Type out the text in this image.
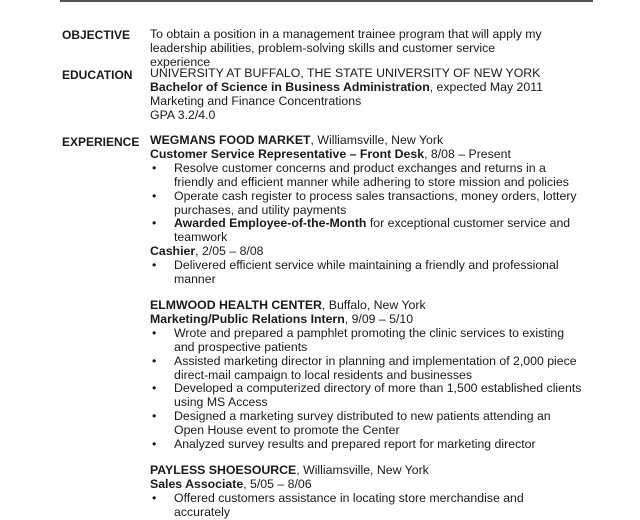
OBJECTIVE To obtain a position in a management trainee program that will apply my leadership abilities, problem-solving skills and customer service experience
EDUCATION UNIVERSITY AT BUFFALO, THE STATE UNIVERSITY OF NEW YORK
Bachelor of Science in Business Administration, expected May 2011
Marketing and Finance Concentrations
GPA 3.2/4.0
EXPERIENCE WEGMANS FOOD MARKET, Williamsville, New York
Customer Service Representative – Front Desk, 8/08 – Present
• Resolve customer concerns and product exchanges and returns in a friendly and efficient manner while adhering to store mission and policies
• Operate cash register to process sales transactions, money orders, lottery purchases, and utility payments
• Awarded Employee-of-the-Month for exceptional customer service and teamwork
Cashier, 2/05 – 8/08
• Delivered efficient service while maintaining a friendly and professional manner
ELMWOOD HEALTH CENTER, Buffalo, New York
Marketing/Public Relations Intern, 9/09 – 5/10
• Wrote and prepared a pamphlet promoting the clinic services to existing and prospective patients
• Assisted marketing director in planning and implementation of 2,000 piece direct-mail campaign to local residents and businesses
• Developed a computerized directory of more than 1,500 established clients using MS Access
• Designed a marketing survey distributed to new patients attending an Open House event to promote the Center
• Analyzed survey results and prepared report for marketing director
PAYLESS SHOESOURCE, Williamsville, New York
Sales Associate, 5/05 – 8/06
• Offered customers assistance in locating store merchandise and accurately
